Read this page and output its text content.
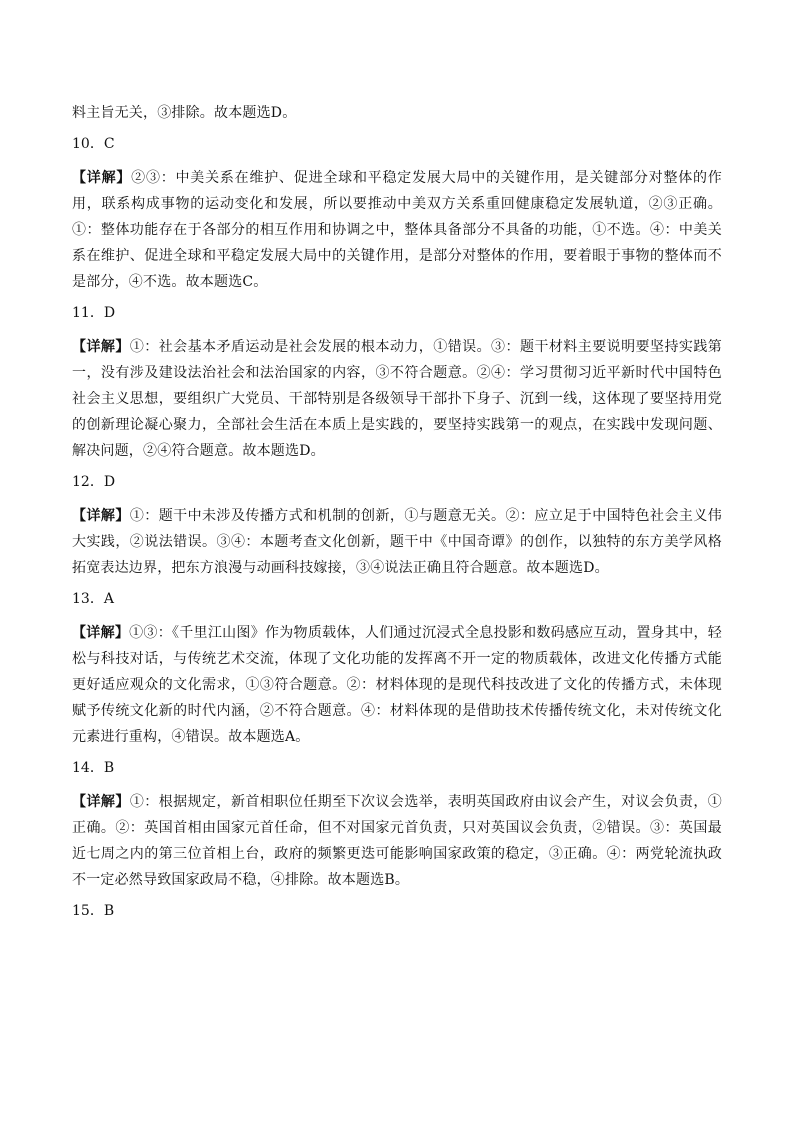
料主旨无关，③排除。故本题选D。

10．C

【详解】②③：中美关系在维护、促进全球和平稳定发展大局中的关键作用，是关键部分对整体的作用，联系构成事物的运动变化和发展，所以要推动中美双方关系重回健康稳定发展轨道，②③正确。①：整体功能存在于各部分的相互作用和协调之中，整体具备部分不具备的功能，①不选。④：中美关系在维护、促进全球和平稳定发展大局中的关键作用，是部分对整体的作用，要着眼于事物的整体而不是部分，④不选。故本题选C。

11．D

【详解】①：社会基本矛盾运动是社会发展的根本动力，①错误。③：题干材料主要说明要坚持实践第一，没有涉及建设法治社会和法治国家的内容，③不符合题意。②④：学习贯彻习近平新时代中国特色社会主义思想，要组织广大党员、干部特别是各级领导干部扑下身子、沉到一线，这体现了要坚持用党的创新理论凝心聚力，全部社会生活在本质上是实践的，要坚持实践第一的观点，在实践中发现问题、解决问题，②④符合题意。故本题选D。

12．D

【详解】①：题干中未涉及传播方式和机制的创新，①与题意无关。②：应立足于中国特色社会主义伟大实践，②说法错误。③④：本题考查文化创新，题干中《中国奇谭》的创作，以独特的东方美学风格拓宽表达边界，把东方浪漫与动画科技嫁接，③④说法正确且符合题意。故本题选D。

13．A

【详解】①③：《千里江山图》作为物质载体，人们通过沉浸式全息投影和数码感应互动，置身其中，轻松与科技对话，与传统艺术交流，体现了文化功能的发挥离不开一定的物质载体，改进文化传播方式能更好适应观众的文化需求，①③符合题意。②：材料体现的是现代科技改进了文化的传播方式，未体现赋予传统文化新的时代内涵，②不符合题意。④：材料体现的是借助技术传播传统文化，未对传统文化元素进行重构，④错误。故本题选A。

14．B

【详解】①：根据规定，新首相职位任期至下次议会选举，表明英国政府由议会产生，对议会负责，①正确。②：英国首相由国家元首任命，但不对国家元首负责，只对英国议会负责，②错误。③：英国最近七周之内的第三位首相上台，政府的频繁更迭可能影响国家政策的稳定，③正确。④：两党轮流执政不一定必然导致国家政局不稳，④排除。故本题选B。

15．B
